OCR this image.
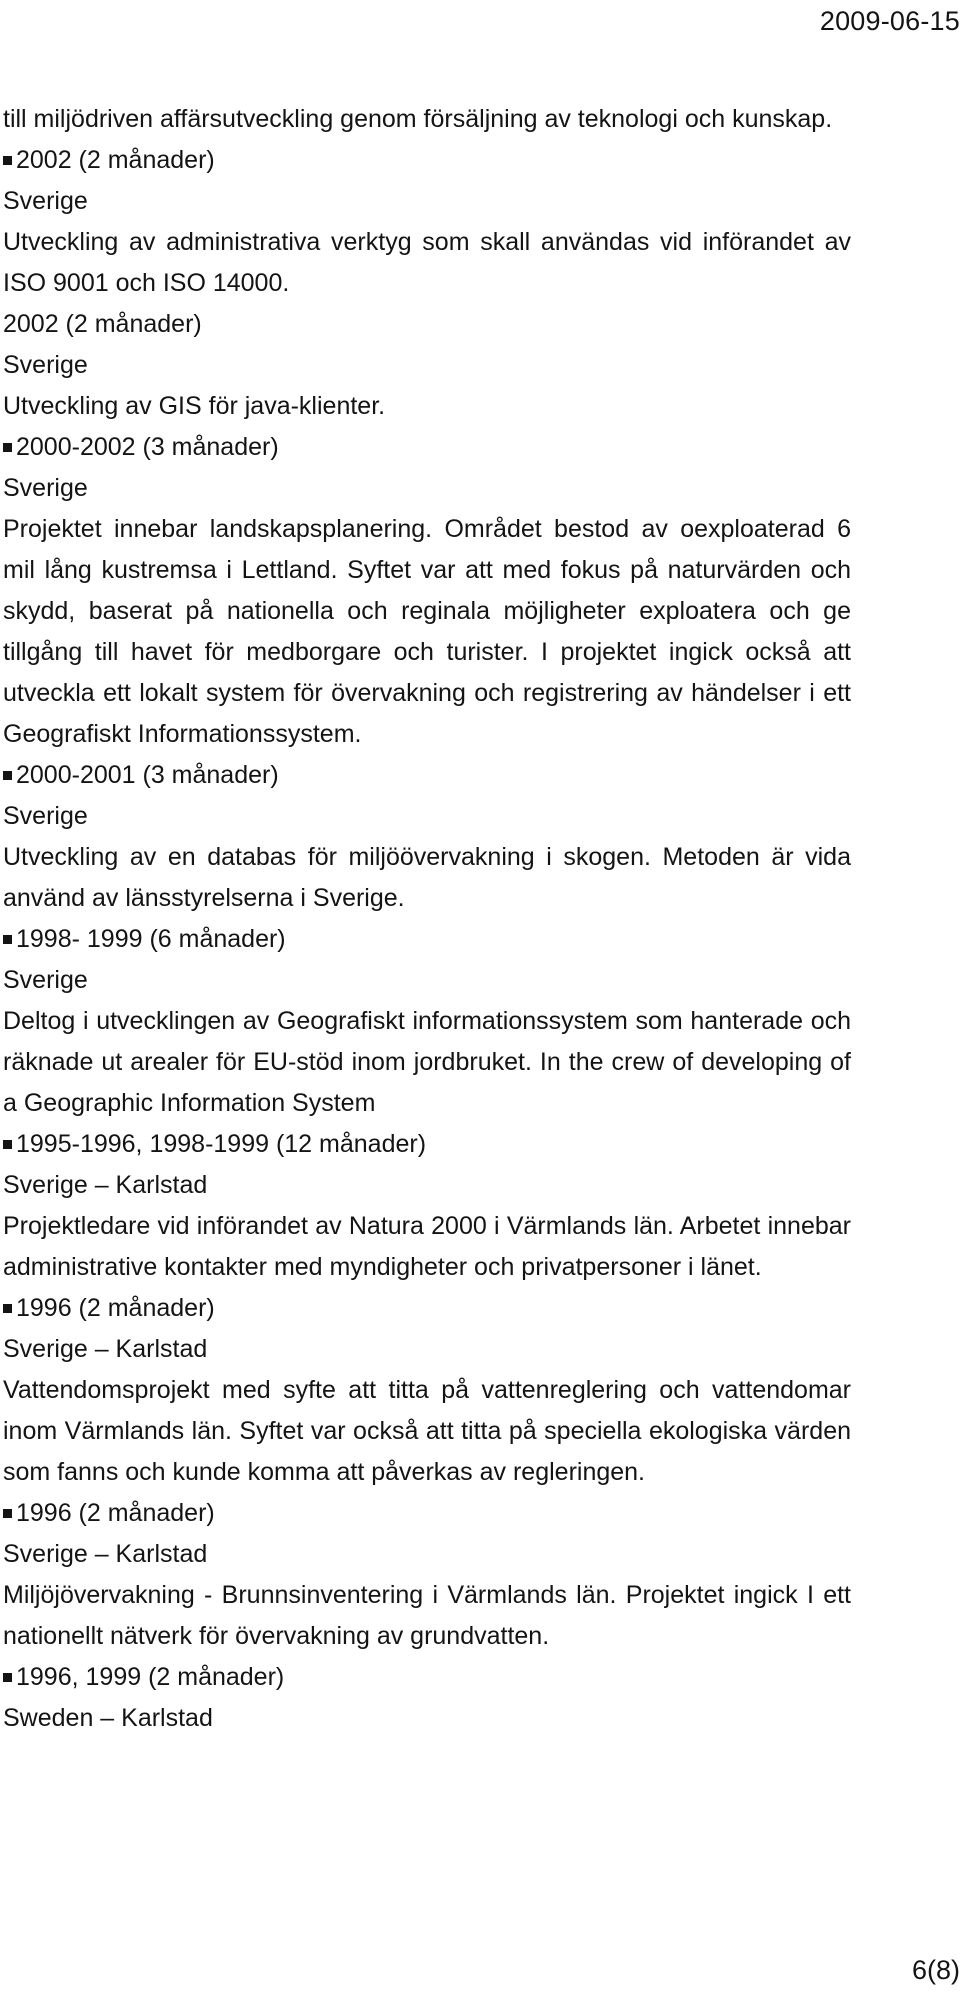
2009-06-15

till miljödriven affärsutveckling genom försäljning av teknologi och kunskap.

2002 (2 månader)

Sverige

Utveckling av administrativa verktyg som skall användas vid införandet av ISO 9001 och ISO 14000.

2002 (2 månader)

Sverige

Utveckling av GIS för java-klienter.

2000-2002 (3 månader)

Sverige

Projektet innebar landskapsplanering. Området bestod av oexploaterad 6 mil lång kustremsa i Lettland. Syftet var att med fokus på naturvärden och skydd, baserat på nationella och reginala möjligheter exploatera och ge tillgång till havet för medborgare och turister. I projektet ingick också att utveckla ett lokalt system för övervakning och registrering av händelser i ett Geografiskt Informationssystem.

2000-2001 (3 månader)

Sverige

Utveckling av en databas för miljöövervakning i skogen. Metoden är vida använd av länsstyrelserna i Sverige.

1998- 1999 (6 månader)

Sverige

Deltog i utvecklingen av Geografiskt informationssystem som hanterade och räknade ut arealer för EU-stöd inom jordbruket. In the crew of developing of a Geographic Information System

1995-1996, 1998-1999 (12 månader)

Sverige – Karlstad

Projektledare vid införandet av Natura 2000 i Värmlands län. Arbetet innebar administrative kontakter med myndigheter och privatpersoner i länet.

1996 (2 månader)

Sverige – Karlstad

Vattendomsprojekt med syfte att titta på vattenreglering och vattendomar inom Värmlands län. Syftet var också att titta på speciella ekologiska värden som fanns och kunde komma att påverkas av regleringen.

1996 (2 månader)

Sverige – Karlstad

Miljöjövervakning - Brunnsinventering i Värmlands län. Projektet ingick I ett nationellt nätverk för övervakning av grundvatten.

1996, 1999 (2 månader)

Sweden – Karlstad

6(8)
